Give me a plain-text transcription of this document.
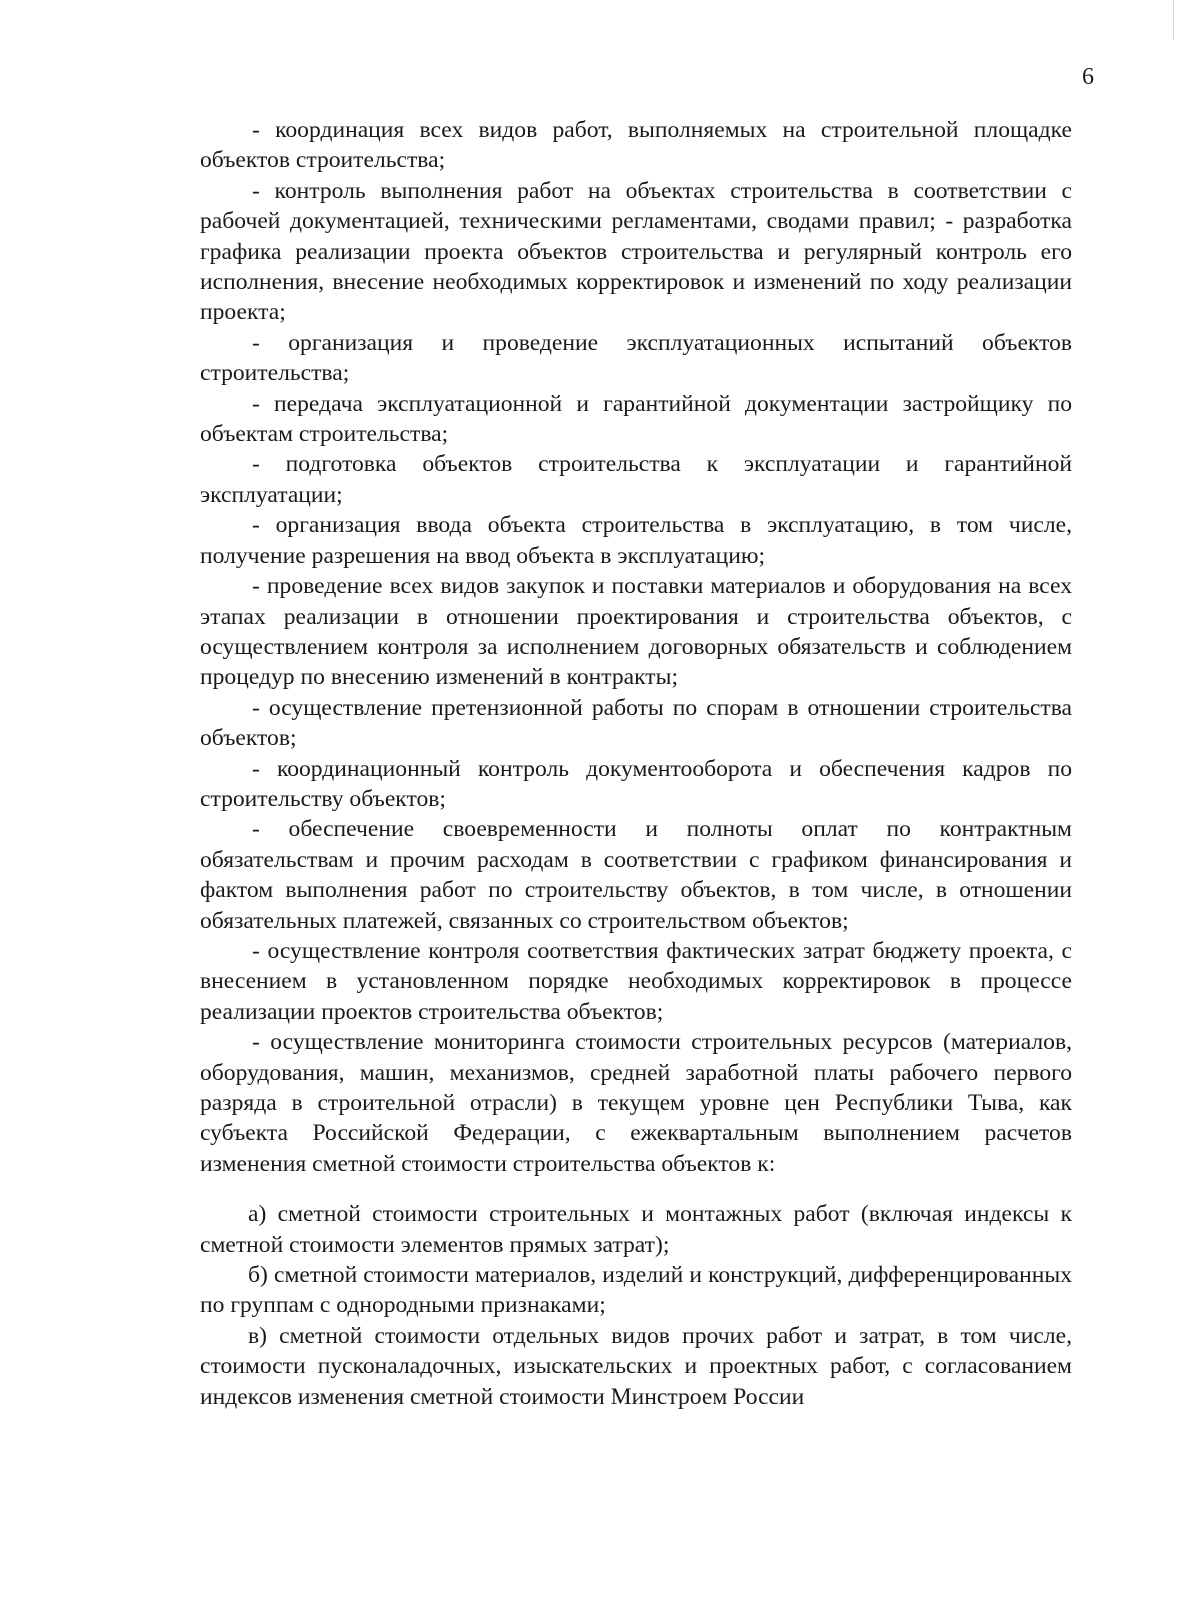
6

- координация всех видов работ, выполняемых на строительной площадке объектов строительства;

- контроль выполнения работ на объектах строительства в соответствии с рабочей документацией, техническими регламентами, сводами правил; - разработка графика реализации проекта объектов строительства и регулярный контроль его исполнения, внесение необходимых корректировок и изменений по ходу реализации проекта;

- организация и проведение эксплуатационных испытаний объектов строительства;

- передача эксплуатационной и гарантийной документации застройщику по объектам строительства;

- подготовка объектов строительства к эксплуатации и гарантийной эксплуатации;

- организация ввода объекта строительства в эксплуатацию, в том числе, получение разрешения на ввод объекта в эксплуатацию;

- проведение всех видов закупок и поставки материалов и оборудования на всех этапах реализации в отношении проектирования и строительства объектов, с осуществлением контроля за исполнением договорных обязательств и соблюдением процедур по внесению изменений в контракты;

- осуществление претензионной работы по спорам в отношении строительства объектов;

- координационный контроль документооборота и обеспечения кадров по строительству объектов;

- обеспечение своевременности и полноты оплат по контрактным обязательствам и прочим расходам в соответствии с графиком финансирования и фактом выполнения работ по строительству объектов, в том числе, в отношении обязательных платежей, связанных со строительством объектов;

- осуществление контроля соответствия фактических затрат бюджету проекта, с внесением в установленном порядке необходимых корректировок в процессе реализации проектов строительства объектов;

- осуществление мониторинга стоимости строительных ресурсов (материалов, оборудования, машин, механизмов, средней заработной платы рабочего первого разряда в строительной отрасли) в текущем уровне цен Республики Тыва, как субъекта Российской Федерации, с ежеквартальным выполнением расчетов изменения сметной стоимости строительства объектов к:

а) сметной стоимости строительных и монтажных работ (включая индексы к сметной стоимости элементов прямых затрат);

б) сметной стоимости материалов, изделий и конструкций, дифференцированных по группам с однородными признаками;

в) сметной стоимости отдельных видов прочих работ и затрат, в том числе, стоимости пусконаладочных, изыскательских и проектных работ, с согласованием индексов изменения сметной стоимости Минстроем России
